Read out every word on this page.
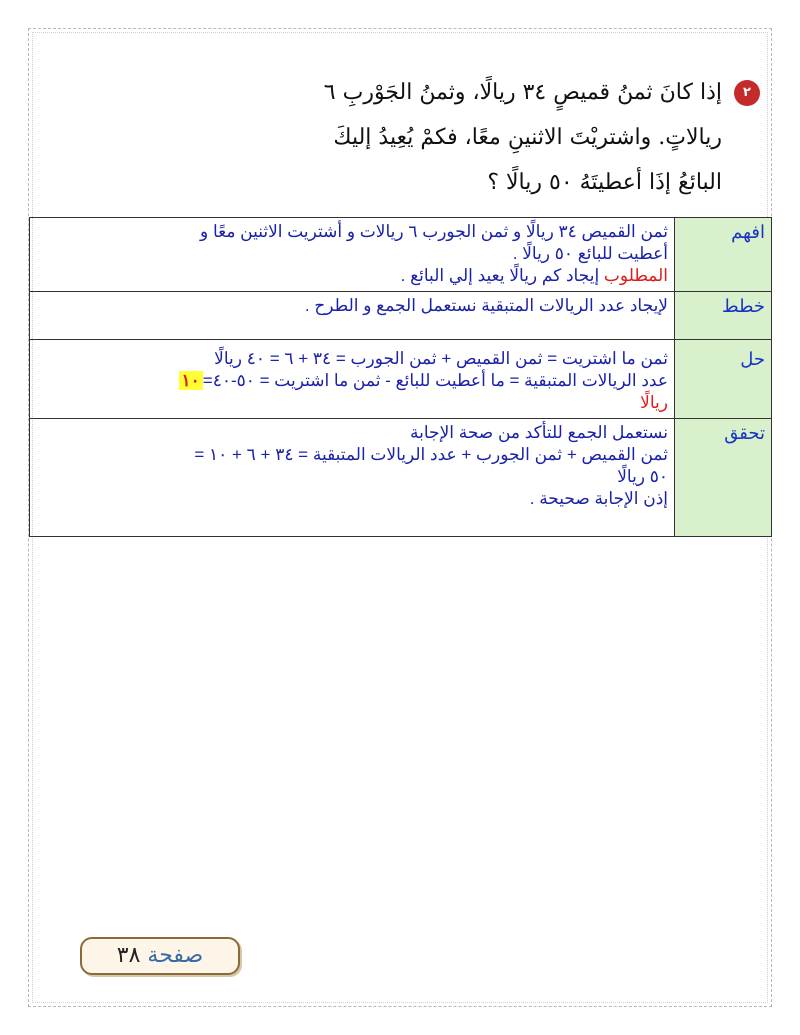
٢
إذا كانَ ثمنُ قميصٍ ٣٤ ريالًا، وثمنُ الجَوْربِ ٦
ريالاتٍ. واشتريْتَ الاثنينِ معًا، فكمْ يُعِيدُ إليكَ
البائعُ إذَا أعطيتَهُ ٥٠ ريالًا ؟
افهم	ثمن القميص ٣٤ ريالًا و ثمن الجورب ٦ ريالات و أشتريت الاثنين معًا و
أعطيت للبائع ٥٠ ريالًا .
المطلوب إيجاد كم ريالًا يعيد إلي البائع .

خطط	لإيجاد عدد الريالات المتبقية نستعمل الجمع و الطرح .
حل	ثمن ما اشتريت = ثمن القميص + ثمن الجورب = ٣٤ + ٦ = ٤٠ ريالًا
عدد الريالات المتبقية = ما أعطيت للبائع - ثمن ما اشتريت = ٥٠-٤٠=١٠
ريالًا

تحقق	نستعمل الجمع للتأكد من صحة الإجابة
ثمن القميص + ثمن الجورب + عدد الريالات المتبقية = ٣٤ + ٦ + ١٠ =
٥٠ ريالًا
إذن الإجابة صحيحة .
صفحة ٣٨
